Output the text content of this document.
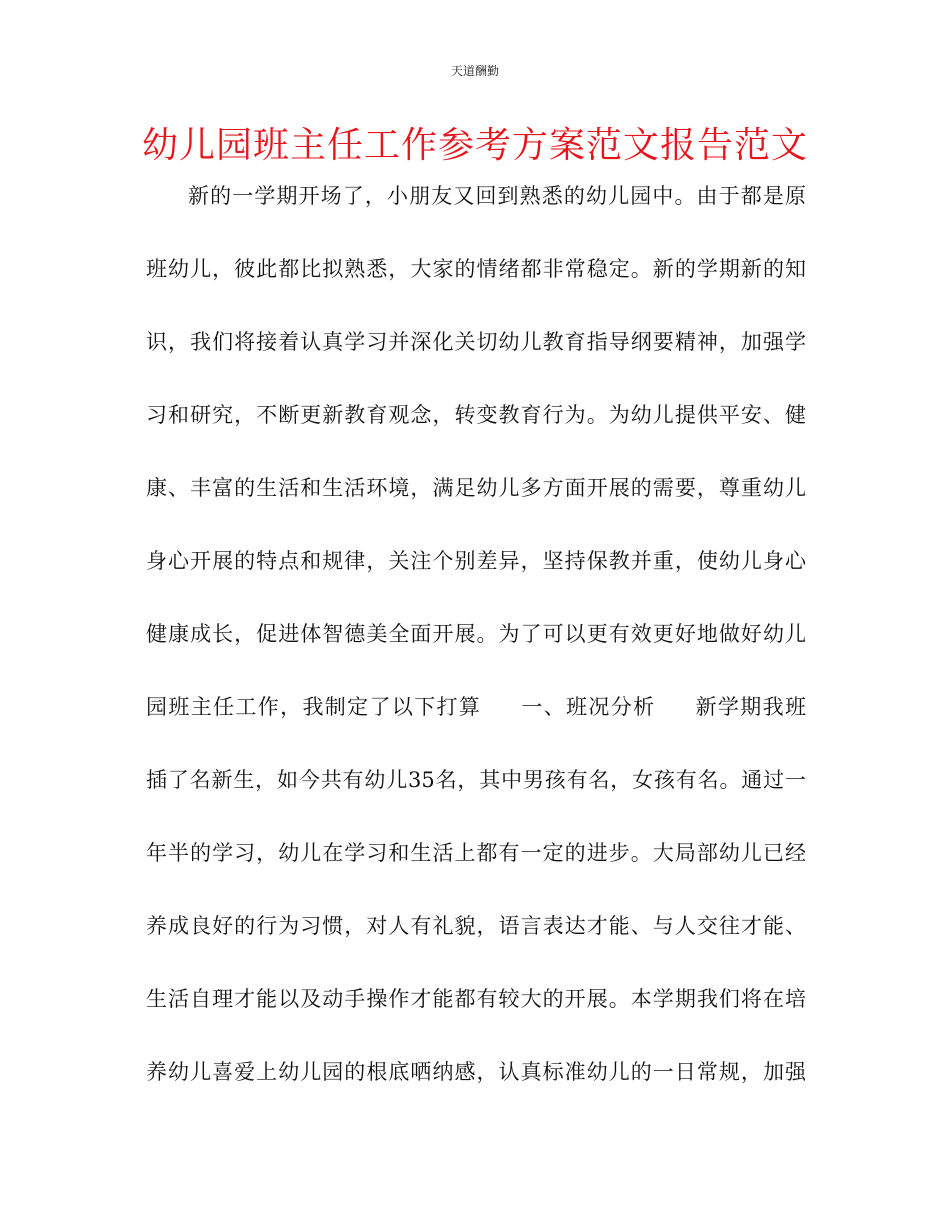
天道酬勤
幼儿园班主任工作参考方案范文报告范文
新的一学期开场了，小朋友又回到熟悉的幼儿园中。由于都是原
班幼儿，彼此都比拟熟悉，大家的情绪都非常稳定。新的学期新的知
识，我们将接着认真学习并深化关切幼儿教育指导纲要精神，加强学
习和研究，不断更新教育观念，转变教育行为。为幼儿提供平安、健
康、丰富的生活和生活环境，满足幼儿多方面开展的需要，尊重幼儿
身心开展的特点和规律，关注个别差异，坚持保教并重，使幼儿身心
健康成长，促进体智德美全面开展。为了可以更有效更好地做好幼儿
园班主任工作，我制定了以下打算     一、班况分析     新学期我班
插了名新生，如今共有幼儿35名，其中男孩有名，女孩有名。通过一
年半的学习，幼儿在学习和生活上都有一定的进步。大局部幼儿已经
养成良好的行为习惯，对人有礼貌，语言表达才能、与人交往才能、
生活自理才能以及动手操作才能都有较大的开展。本学期我们将在培
养幼儿喜爱上幼儿园的根底哂纳感，认真标准幼儿的一日常规，加强
